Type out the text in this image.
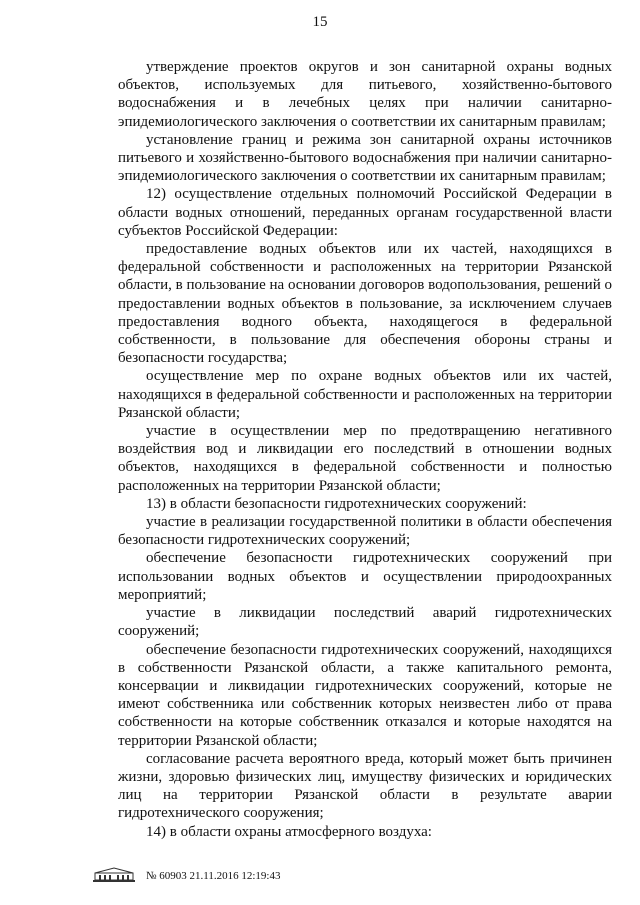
15

утверждение проектов округов и зон санитарной охраны водных объектов, используемых для питьевого, хозяйственно-бытового водоснабжения и в лечебных целях при наличии санитарно-эпидемиологического заключения о соответствии их санитарным правилам;

установление границ и режима зон санитарной охраны источников питьевого и хозяйственно-бытового водоснабжения при наличии санитарно-эпидемиологического заключения о соответствии их санитарным правилам;

12) осуществление отдельных полномочий Российской Федерации в области водных отношений, переданных органам государственной власти субъектов Российской Федерации:

предоставление водных объектов или их частей, находящихся в федеральной собственности и расположенных на территории Рязанской области, в пользование на основании договоров водопользования, решений о предоставлении водных объектов в пользование, за исключением случаев предоставления водного объекта, находящегося в федеральной собственности, в пользование для обеспечения обороны страны и безопасности государства;

осуществление мер по охране водных объектов или их частей, находящихся в федеральной собственности и расположенных на территории Рязанской области;

участие в осуществлении мер по предотвращению негативного воздействия вод и ликвидации его последствий в отношении водных объектов, находящихся в федеральной собственности и полностью расположенных на территории Рязанской области;

13) в области безопасности гидротехнических сооружений:

участие в реализации государственной политики в области обеспечения безопасности гидротехнических сооружений;

обеспечение безопасности гидротехнических сооружений при использовании водных объектов и осуществлении природоохранных мероприятий;

участие в ликвидации последствий аварий гидротехнических сооружений;

обеспечение безопасности гидротехнических сооружений, находящихся в собственности Рязанской области, а также капитального ремонта, консервации и ликвидации гидротехнических сооружений, которые не имеют собственника или собственник которых неизвестен либо от права собственности на которые собственник отказался и которые находятся на территории Рязанской области;

согласование расчета вероятного вреда, который может быть причинен жизни, здоровью физических лиц, имуществу физических и юридических лиц на территории Рязанской области в результате аварии гидротехнического сооружения;

14) в области охраны атмосферного воздуха:

№ 60903 21.11.2016 12:19:43
